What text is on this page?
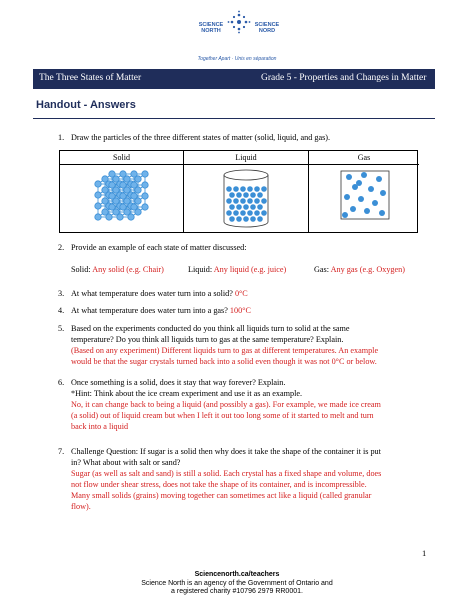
SCIENCE
NORTH
SCIENCE
NORD
Together Apart · Unis en séparation
The Three States of Matter	Grade 5 - Properties and Changes in Matter
Handout - Answers
1. Draw the particles of the three different states of matter (solid, liquid, and gas).
Solid	Liquid	Gas
2. Provide an example of each state of matter discussed:
Solid: Any solid (e.g. Chair)	Liquid: Any liquid (e.g. juice)	Gas: Any gas (e.g. Oxygen)
3. At what temperature does water turn into a solid? 0°C
4. At what temperature does water turn into a gas? 100°C
5. Based on the experiments conducted do you think all liquids turn to solid at the same
temperature? Do you think all liquids turn to gas at the same temperature? Explain.
(Based on any experiment) Different liquids turn to gas at different temperatures. An example
would be that the sugar crystals turned back into a solid even though it was not 0°C or below.
6. Once something is a solid, does it stay that way forever? Explain.
*Hint: Think about the ice cream experiment and use it as an example.
No, it can change back to being a liquid (and possibly a gas). For example, we made ice cream
(a solid) out of liquid cream but when I left it out too long some of it started to melt and turn
back into a liquid
7. Challenge Question: If sugar is a solid then why does it take the shape of the container it is put
in? What about with salt or sand?
Sugar (as well as salt and sand) is still a solid. Each crystal has a fixed shape and volume, does
not flow under shear stress, does not take the shape of its container, and is incompressible.
Many small solids (grains) moving together can sometimes act like a liquid (called granular
flow).
1
Sciencenorth.ca/teachers
Science North is an agency of the Government of Ontario and
a registered charity #10796 2979 RR0001.
